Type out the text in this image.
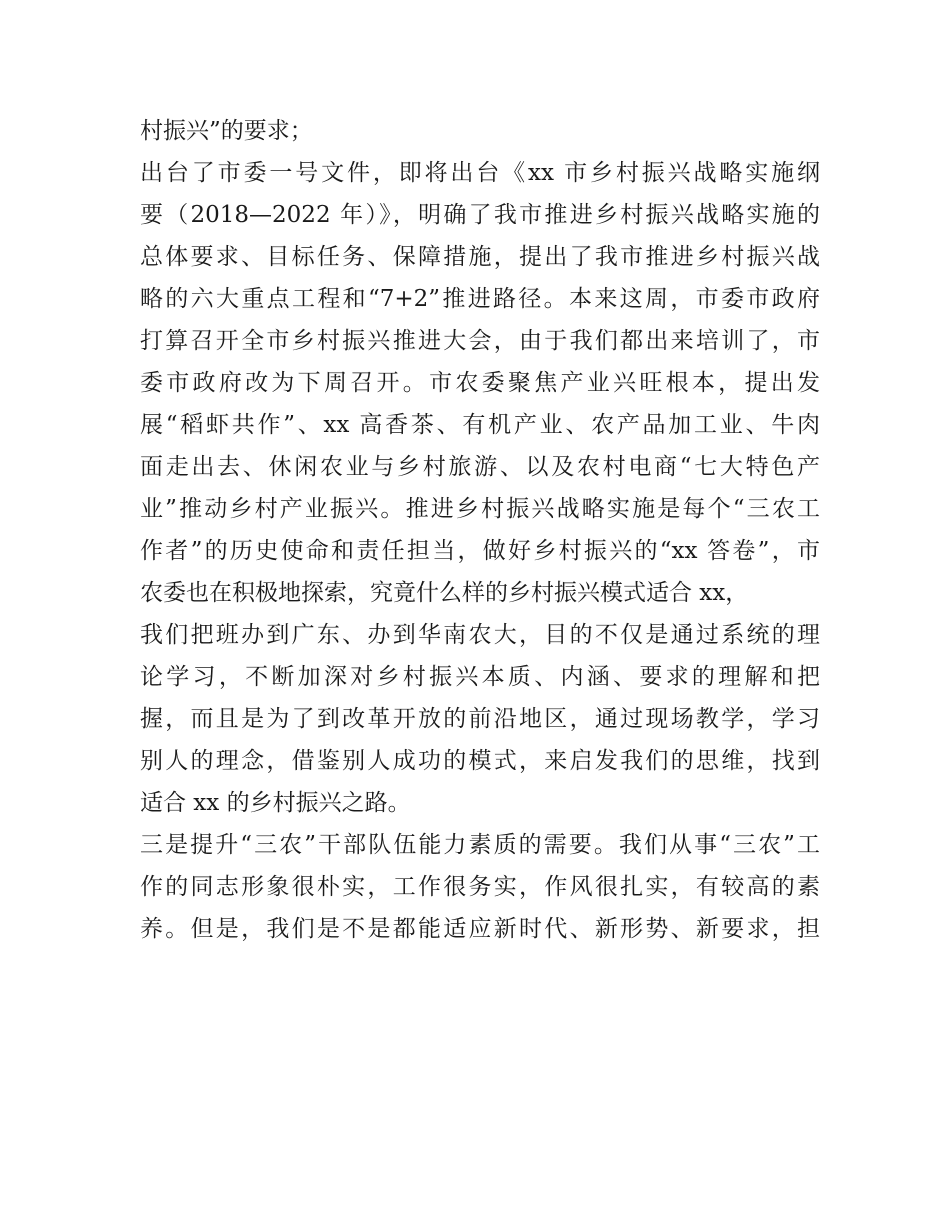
村振兴”的要求；
出台了市委一号文件，即将出台《xx 市乡村振兴战略实施纲
要（2018—2022 年）》，明确了我市推进乡村振兴战略实施的
总体要求、目标任务、保障措施，提出了我市推进乡村振兴战
略的六大重点工程和“7+2”推进路径。本来这周，市委市政府
打算召开全市乡村振兴推进大会，由于我们都出来培训了，市
委市政府改为下周召开。市农委聚焦产业兴旺根本，提出发
展“稻虾共作”、xx 高香茶、有机产业、农产品加工业、牛肉
面走出去、休闲农业与乡村旅游、以及农村电商“七大特色产
业”推动乡村产业振兴。推进乡村振兴战略实施是每个“三农工
作者”的历史使命和责任担当，做好乡村振兴的“xx 答卷”，市
农委也在积极地探索，究竟什么样的乡村振兴模式适合 xx，
我们把班办到广东、办到华南农大，目的不仅是通过系统的理
论学习，不断加深对乡村振兴本质、内涵、要求的理解和把
握，而且是为了到改革开放的前沿地区，通过现场教学，学习
别人的理念，借鉴别人成功的模式，来启发我们的思维，找到
适合 xx 的乡村振兴之路。
三是提升“三农”干部队伍能力素质的需要。我们从事“三农”工
作的同志形象很朴实，工作很务实，作风很扎实，有较高的素
养。但是，我们是不是都能适应新时代、新形势、新要求，担
